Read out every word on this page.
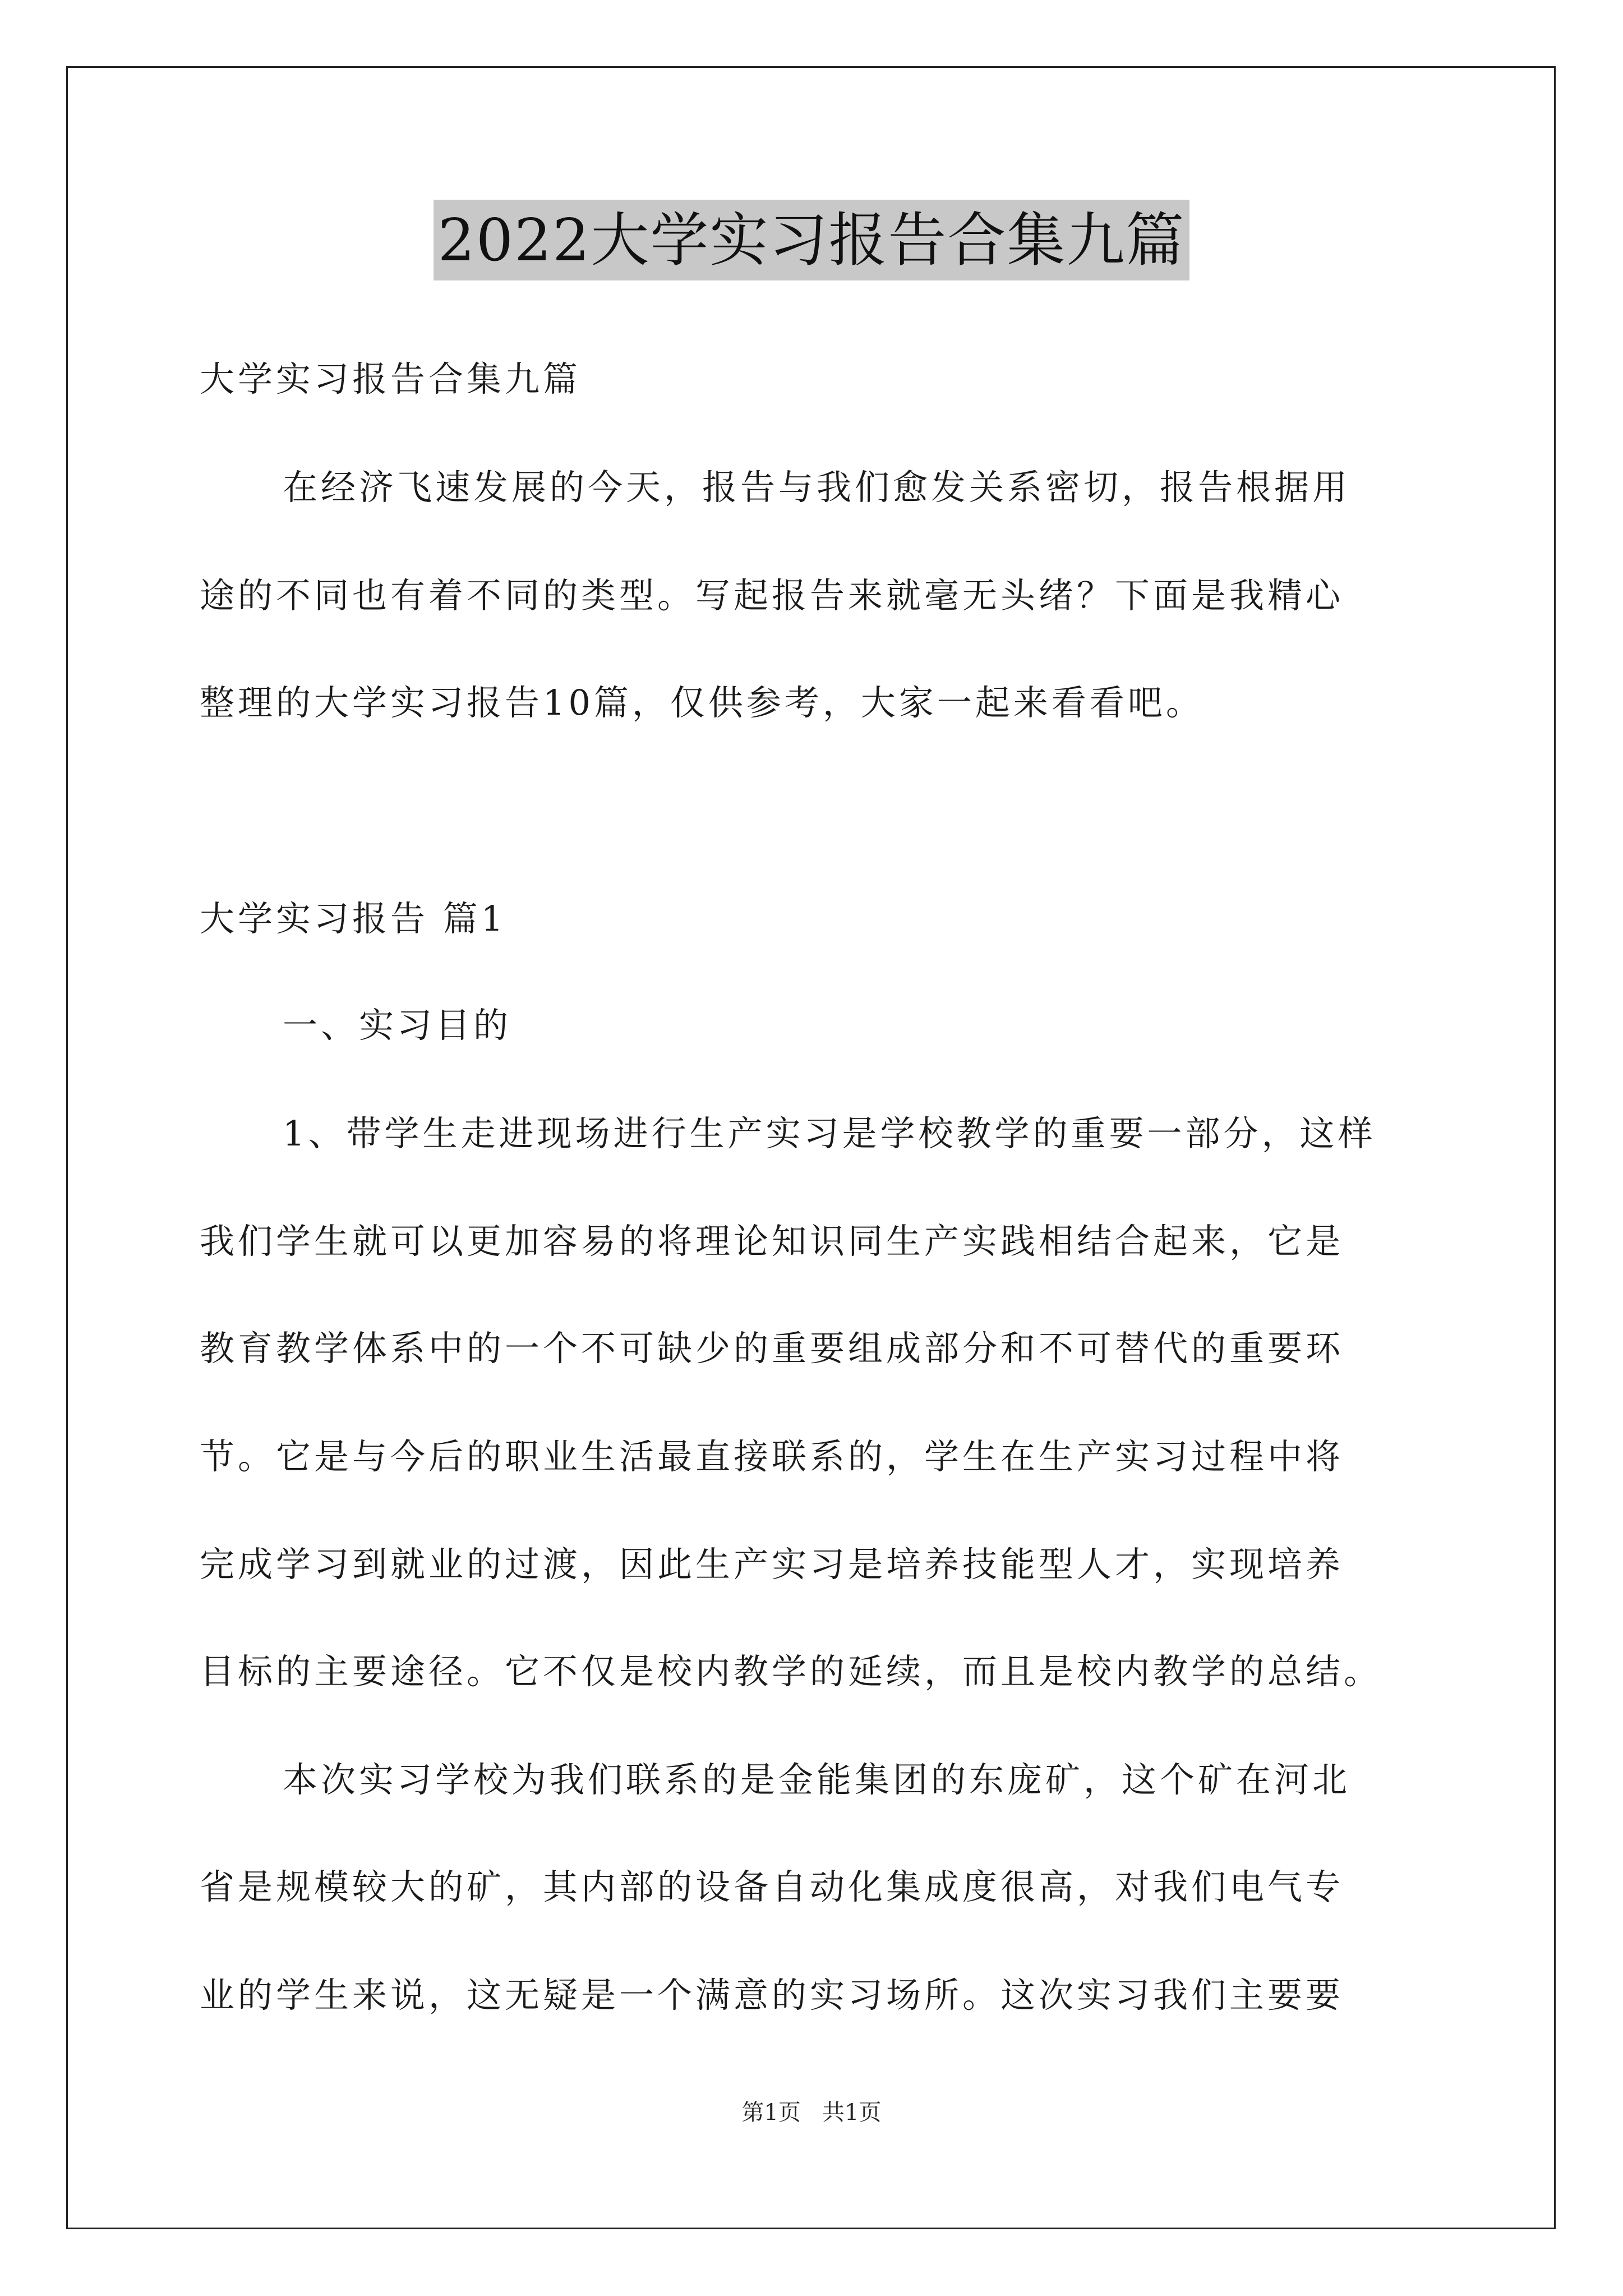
2022大学实习报告合集九篇
大学实习报告合集九篇
在经济飞速发展的今天，报告与我们愈发关系密切，报告根据用
途的不同也有着不同的类型。写起报告来就毫无头绪？下面是我精心
整理的大学实习报告10篇，仅供参考，大家一起来看看吧。
大学实习报告 篇1
一、实习目的
1、带学生走进现场进行生产实习是学校教学的重要一部分，这样
我们学生就可以更加容易的将理论知识同生产实践相结合起来，它是
教育教学体系中的一个不可缺少的重要组成部分和不可替代的重要环
节。它是与今后的职业生活最直接联系的，学生在生产实习过程中将
完成学习到就业的过渡，因此生产实习是培养技能型人才，实现培养
目标的主要途径。它不仅是校内教学的延续，而且是校内教学的总结。
本次实习学校为我们联系的是金能集团的东庞矿，这个矿在河北
省是规模较大的矿，其内部的设备自动化集成度很高，对我们电气专
业的学生来说，这无疑是一个满意的实习场所。这次实习我们主要要
第1页   共1页
